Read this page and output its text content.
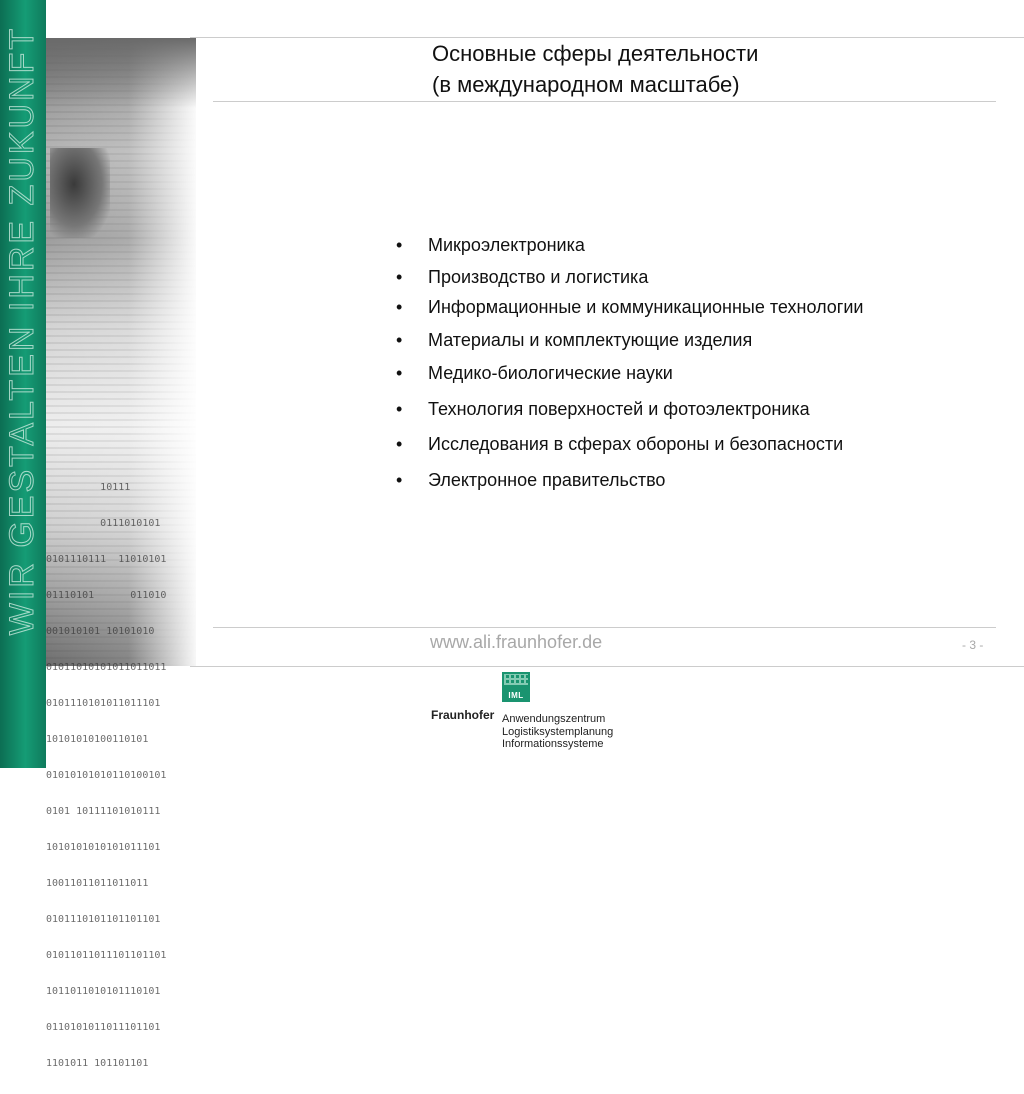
WIR GESTALTEN IHRE ZUKUNFT

10111

0111010101

0101110111  11010101

01110101      011010

001010101 10101010

01011010101011011011

0101110101011011101

10101010100110101

01010101010110100101

0101 10111101010111

1010101010101011101

10011011011011011

0101110101101101101

01011011011101101101

1011011010101110101

0110101011011101101

1101011 101101101

Основные сферы деятельности
(в международном масштабе)
• Микроэлектроника
• Производство и логистика
• Информационные и коммуникационные технологии
• Материалы и комплектующие изделия
• Медико-биологические науки
• Технология поверхностей и фотоэлектроника
• Исследования в сферах обороны и безопасности
• Электронное правительство
www.ali.fraunhofer.de	- 3 -
IML
Fraunhofer Anwendungszentrum
Logistiksystemplanung
Informationssysteme
